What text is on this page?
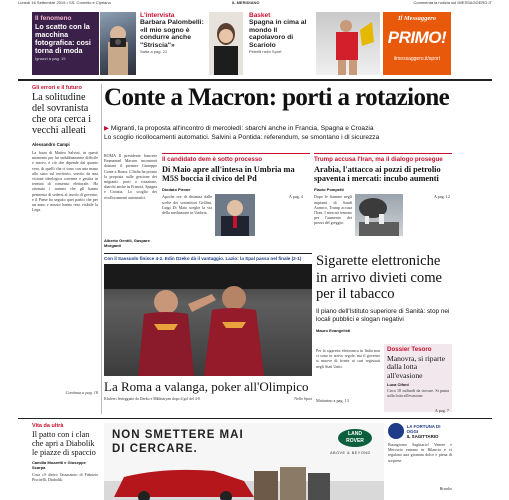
Lunedì 16 Settembre 2019 • SS. Cornelio e Cipriano	IL MERIDIANO	Commenta la notizia sul IMESSAGGERO.IT
Il fenomeno
Lo scatto con la macchina fotografica: cosi torna di moda
Ignazzi a pag. 19
L'intervista
Barbara Palombelli: «Il mio sogno è condurre anche "Striscia"»
Satta a pag. 21
Basket
Spagna in cima al mondo Il capolavoro di Scariolo
Petrelli nello Sport
Il Messaggero
PRIMO!
ilmessaggero.it/sport
Gli errori e il futuro
La solitudine del sovranista che ora cerca i vecchi alleati
Alessandro Campi
La forza di Matteo Salvini, in questi momento per lui indubbiamente difficile e nuovo, è ciò che dipende dal quanto vero, di quelli che ci sono con una mano allo stato sul territorio, servito da una visione ideologica coerente e gestita in termini di consenso elettorale. Ha ottenuto i numeri che gli hanno permesso di sedersi al tavolo di governo, e il Paese ha seguito quei partiti che per un anno e mezzo hanno reso visibile la Lega.
Continua a pag. 18
Conte a Macron: porti a rotazione
▶ Migranti, la proposta all'incontro di mercoledì: sbarchi anche in Francia, Spagna e Croazia
Lo scoglio ricollocamenti automatici. Salvini a Pontida: referendum, se smontano i dl sicurezza
ROMA Il presidente francese Emmanuel Macron incontrerà domani il premier Giuseppe Conte a Roma. L'Italia ha pronto la proposta sulle gestione dei migranti: porti a rotazione, sbarchi anche in Francia, Spagna e Croazia. Lo scoglio dei ricollocamenti automatici.
Alberto Gentili, Gaspare Morganti
Il candidato dem è sotto processo
Di Maio apre all'intesa in Umbria ma M5S boccia il civico del Pd
Diodato Pirone
Apoche ore di distanza dalle scelte dei sostenitori Grillini, Luigi Di Maio sceglie la via della mediazione in Umbria.
A pag. 4
Trump accusa l'Iran, ma il dialogo prosegue
Arabia, l'attacco ai pozzi di petrolio spaventa i mercati: incubo aumenti
Flavio Pompetti
Dopo le fiamme negli impianti di Saudi Aramco, Trump accusa l'Iran. I mercati temono per l'aumento dei prezzi del greggio.
A pag. 12
Con il Sassuolo finisce 4-2. Edin Dzeko dà il vantaggio. Lazio: la Spal passa nel finale (2-1)
La Roma a valanga, poker all'Olimpico
Klulvert festeggiato da Dzeko e Mkhitaryan dopo il gol del 4-0	Nello Sport
Sigarette elettroniche in arrivo divieti come per il tabacco
Il piano dell'Istituto superiore di Sanità: stop nei locali pubblici e slogan negativi
Mauro Evangelisti
Per la sigaretta elettronica in Italia non ci sono in arrivo regole, ma il governo si muove di fronte ai casi registrati negli Stati Uniti.
Mattarino a pag. 13
Dossier Tesoro
Manovra, si riparte dalla lotta all'evasione
Luca Cifoni
Circa 18 miliardi da trovare. Si punta sulla lotta all'evasione.
A pag. 7
Vita da ultrà
Il patto con i clan che apri a Diabolik le piazze di spaccio
Camilla Mozzetti e Giuseppe Scarpa
Cosa c'è dietro l'assassinio di Fabrizio Piscitelli, Diabolik.
NON SMETTERE MAI
DI CERCARE.
LAND
ROVER
ABOVE & BEYOND
LA FORTUNA DI OGGI
IL SAGITTARIO
Buongiorno Sagittario! Venere e Mercurio entrano in Bilancia e vi regalano una giornata dolce e piena di sorprese.
Branko
